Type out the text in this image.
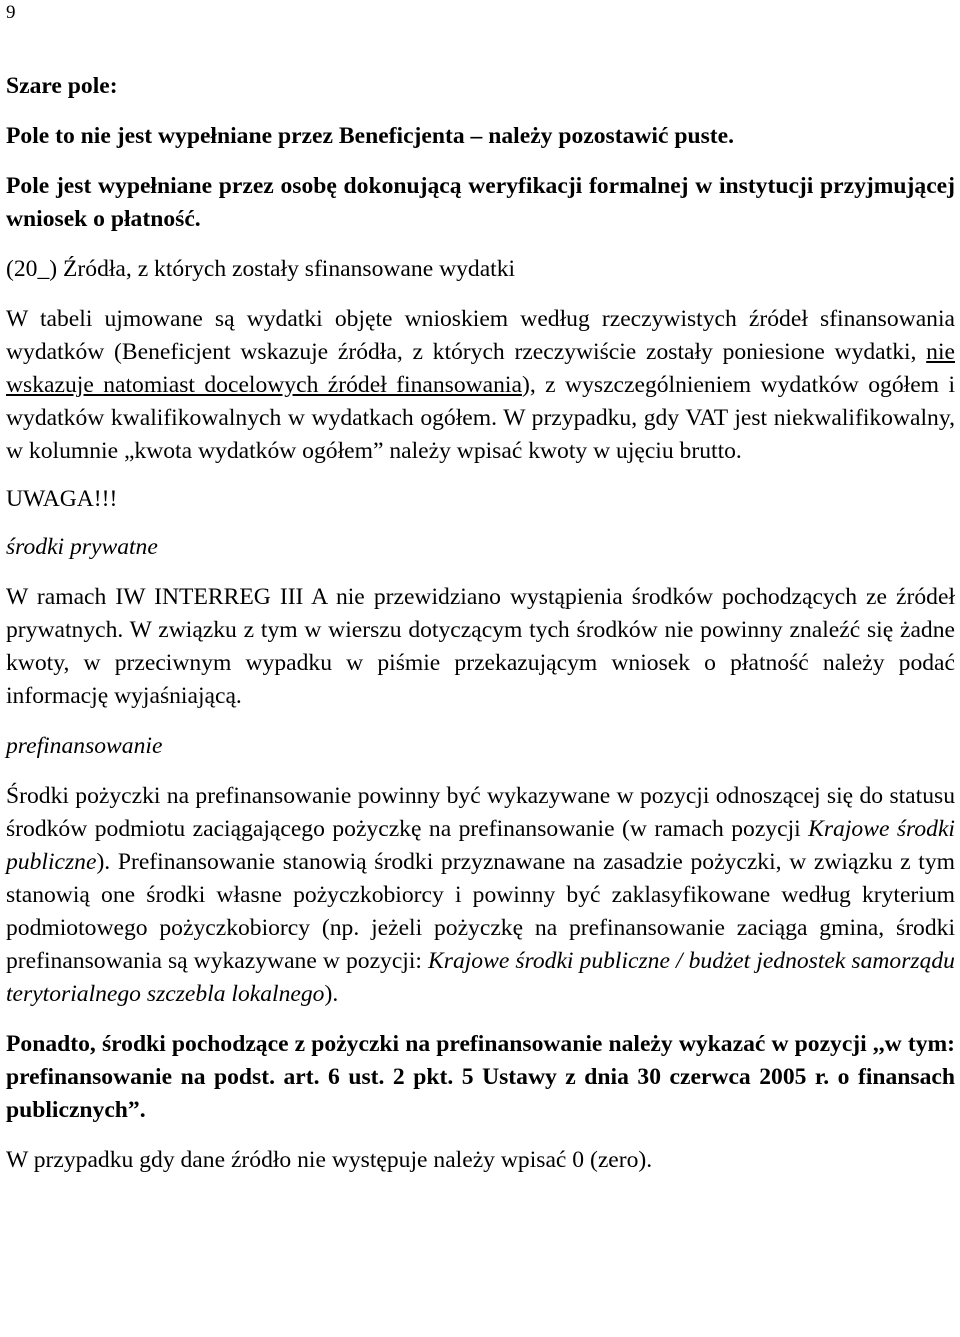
9

Szare pole:

Pole to nie jest wypełniane przez Beneficjenta – należy pozostawić puste.

Pole jest wypełniane przez osobę dokonującą weryfikacji formalnej w instytucji przyjmującej wniosek o płatność.

(20_) Źródła, z których zostały sfinansowane wydatki

W tabeli ujmowane są wydatki objęte wnioskiem według rzeczywistych źródeł sfinansowania wydatków (Beneficjent wskazuje źródła, z których rzeczywiście zostały poniesione wydatki, nie wskazuje natomiast docelowych źródeł finansowania), z wyszczególnieniem wydatków ogółem i wydatków kwalifikowalnych w wydatkach ogółem. W przypadku, gdy VAT jest niekwalifikowalny, w kolumnie „kwota wydatków ogółem” należy wpisać kwoty w ujęciu brutto.

UWAGA!!!

środki prywatne

W ramach IW INTERREG III A nie przewidziano wystąpienia środków pochodzących ze źródeł prywatnych. W związku z tym w wierszu dotyczącym tych środków nie powinny znaleźć się żadne kwoty, w przeciwnym wypadku w piśmie przekazującym wniosek o płatność należy podać informację wyjaśniającą.

prefinansowanie

Środki pożyczki na prefinansowanie powinny być wykazywane w pozycji odnoszącej się do statusu środków podmiotu zaciągającego pożyczkę na prefinansowanie (w ramach pozycji Krajowe środki publiczne). Prefinansowanie stanowią środki przyznawane na zasadzie pożyczki, w związku z tym stanowią one środki własne pożyczkobiorcy i powinny być zaklasyfikowane według kryterium podmiotowego pożyczkobiorcy (np. jeżeli pożyczkę na prefinansowanie zaciąga gmina, środki prefinansowania są wykazywane w pozycji: Krajowe środki publiczne / budżet jednostek samorządu terytorialnego szczebla lokalnego).

Ponadto, środki pochodzące z pożyczki na prefinansowanie należy wykazać w pozycji ,,w tym: prefinansowanie na podst. art. 6 ust. 2 pkt. 5 Ustawy z dnia 30 czerwca 2005 r. o finansach publicznych”.

W przypadku gdy dane źródło nie występuje należy wpisać 0 (zero).
